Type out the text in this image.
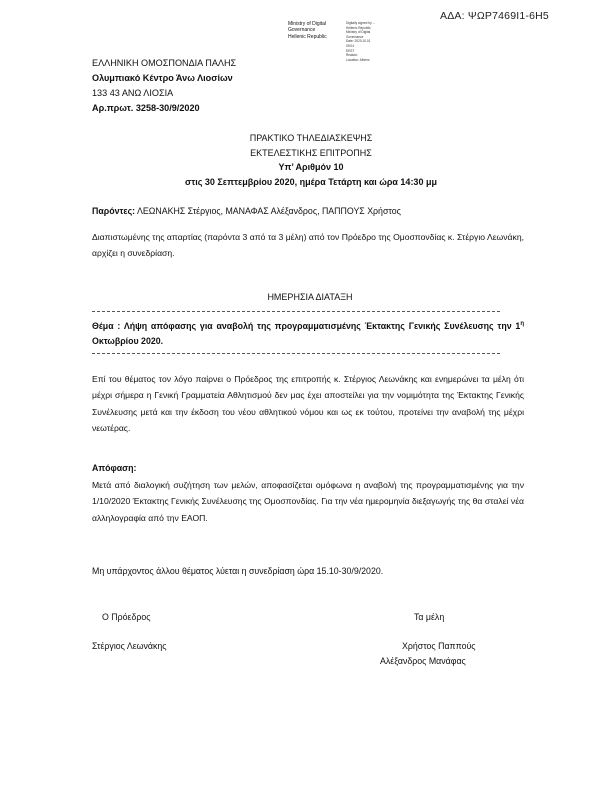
ΑΔΑ: ΨΩΡ7469Ι1-6Η5
Ministry of Digital
Governance
Hellenic Republic
Digitally signed by ...
Hellenic Republic
Ministry of Digital
Governance
Date: 2020.10.01
09:04
EEST
Reason:
Location: Athens
ΕΛΛΗΝΙΚΗ ΟΜΟΣΠΟΝΔΙΑ ΠΑΛΗΣ
Ολυμπιακό Κέντρο Άνω Λιοσίων
133 43 ΑΝΩ ΛΙΟΣΙΑ
Αρ.πρωτ. 3258-30/9/2020
ΠΡΑΚΤΙΚΟ ΤΗΛΕΔΙΑΣΚΕΨΗΣ
ΕΚΤΕΛΕΣΤΙΚΗΣ ΕΠΙΤΡΟΠΗΣ
Υπ’ Αριθμόν 10
στις 30 Σεπτεμβρίου 2020, ημέρα Τετάρτη και ώρα 14:30 μμ
Παρόντες: ΛΕΩΝΑΚΗΣ Στέργιος, ΜΑΝΑΦΑΣ Αλέξανδρος, ΠΑΠΠΟΥΣ Χρήστος
Διαπιστωμένης της απαρτίας (παρόντα 3 από τα 3 μέλη) από τον Πρόεδρο της Ομοσπονδίας κ. Στέργιο Λεωνάκη, αρχίζει η συνεδρίαση.
ΗΜΕΡΗΣΙΑ ΔΙΑΤΑΞΗ
Θέμα : Λήψη απόφασης για αναβολή της προγραμματισμένης Έκτακτης Γενικής Συνέλευσης την $1^\eta$ Οκτωβρίου 2020.
Επί του θέματος τον λόγο παίρνει ο Πρόεδρος της επιτροπής κ. Στέργιος Λεωνάκης και ενημερώνει τα μέλη ότι μέχρι σήμερα η Γενική Γραμματεία Αθλητισμού δεν μας έχει αποστείλει για την νομιμότητα της Έκτακτης Γενικής Συνέλευσης μετά και την έκδοση του νέου αθλητικού νόμου και ως εκ τούτου, προτείνει την αναβολή της μέχρι νεωτέρας.
Απόφαση:
Μετά από διαλογική συζήτηση των μελών, αποφασίζεται ομόφωνα η αναβολή της προγραμματισμένης για την 1/10/2020 Έκτακτης Γενικής Συνέλευσης της Ομοσπονδίας. Για την νέα ημερομηνία διεξαγωγής της θα σταλεί νέα αλληλογραφία από την ΕΑΟΠ.
Μη υπάρχοντος άλλου θέματος λύεται η συνεδρίαση ώρα 15.10-30/9/2020.
Ο Πρόεδρος	Τα μέλη
Στέργιος Λεωνάκης	Χρήστος Παππούς
Αλέξανδρος Μανάφας
